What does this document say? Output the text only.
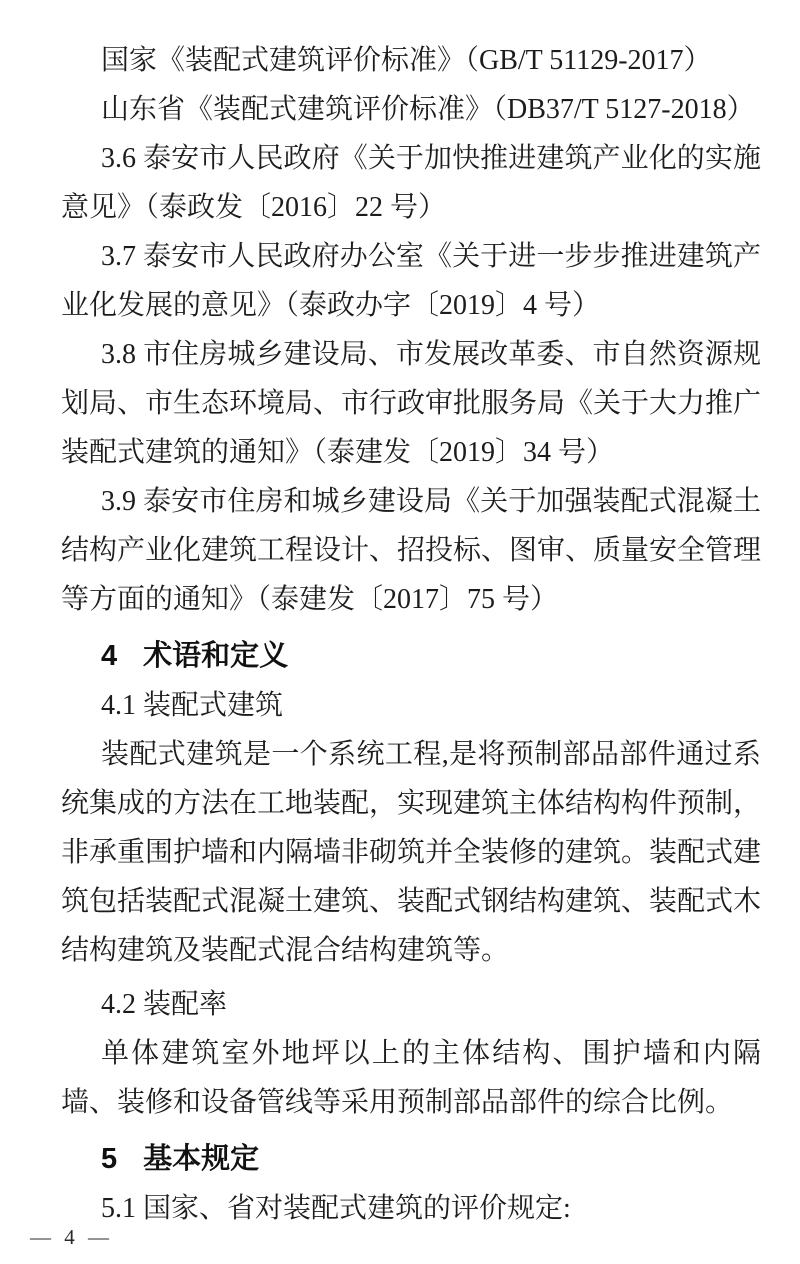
国家《装配式建筑评价标准》（GB/T 51129-2017）

山东省《装配式建筑评价标准》（DB37/T 5127-2018）

3.6 泰安市人民政府《关于加快推进建筑产业化的实施意见》（泰政发〔2016〕22 号）

3.7 泰安市人民政府办公室《关于进一步步推进建筑产业化发展的意见》（泰政办字〔2019〕4 号）

3.8 市住房城乡建设局、市发展改革委、市自然资源规划局、市生态环境局、市行政审批服务局《关于大力推广装配式建筑的通知》（泰建发〔2019〕34 号）

3.9 泰安市住房和城乡建设局《关于加强装配式混凝土结构产业化建筑工程设计、招投标、图审、质量安全管理等方面的通知》（泰建发〔2017〕75 号）

4 术语和定义

4.1 装配式建筑

装配式建筑是一个系统工程,是将预制部品部件通过系统集成的方法在工地装配，实现建筑主体结构构件预制，非承重围护墙和内隔墙非砌筑并全装修的建筑。装配式建筑包括装配式混凝土建筑、装配式钢结构建筑、装配式木结构建筑及装配式混合结构建筑等。

4.2 装配率

单体建筑室外地坪以上的主体结构、围护墙和内隔墙、装修和设备管线等采用预制部品部件的综合比例。

5 基本规定

5.1 国家、省对装配式建筑的评价规定:

— 4 —
